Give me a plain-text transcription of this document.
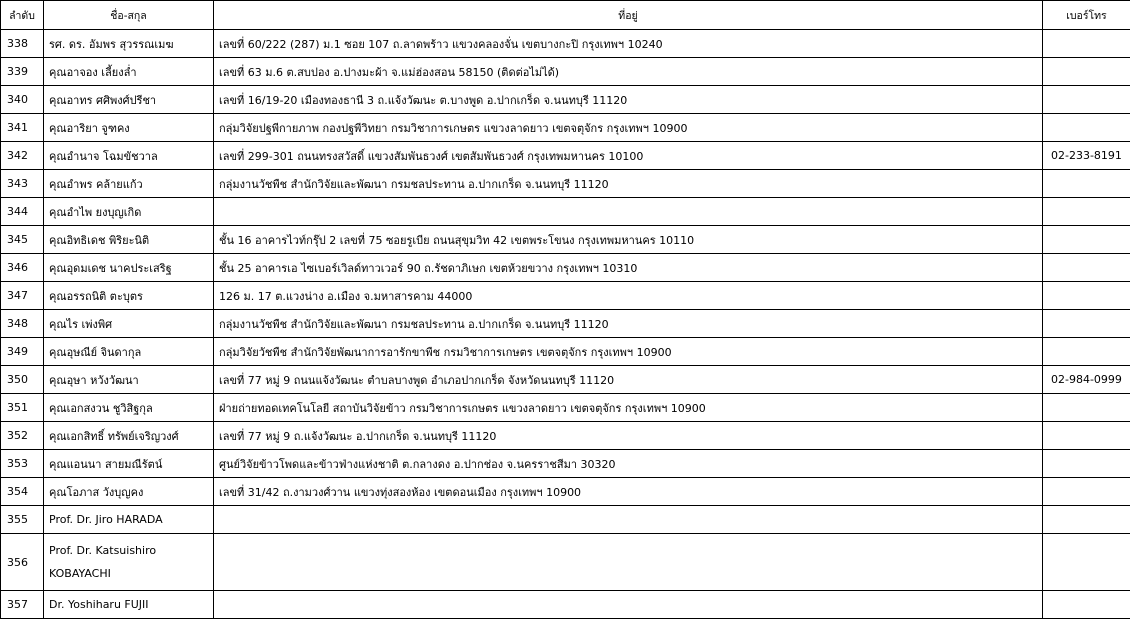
ลำดับ	ชื่อ-สกุล	ที่อยู่	เบอร์โทร
338	รศ. ดร. อัมพร สุวรรณเมฆ	เลขที่ 60/222 (287) ม.1 ซอย 107 ถ.ลาดพร้าว แขวงคลองจั่น เขตบางกะปิ กรุงเทพฯ 10240	
339	คุณอาจอง เลี้ยงล่ำ	เลขที่ 63 ม.6 ต.สบปอง อ.ปางมะผ้า จ.แม่ฮ่องสอน 58150 (ติดต่อไม่ได้)	
340	คุณอาทร ศศิพงศ์ปรีชา	เลขที่ 16/19-20 เมืองทองธานี 3 ถ.แจ้งวัฒนะ ต.บางพูด อ.ปากเกร็ด จ.นนทบุรี 11120	
341	คุณอาริยา จูฑคง	กลุ่มวิจัยปฐพีกายภาพ กองปฐพีวิทยา กรมวิชาการเกษตร แขวงลาดยาว เขตจตุจักร กรุงเทพฯ 10900	
342	คุณอำนาจ โฉมขัชวาล	เลขที่ 299-301 ถนนทรงสวัสดิ์ แขวงสัมพันธวงศ์ เขตสัมพันธวงศ์ กรุงเทพมหานคร 10100	02-233-8191
343	คุณอำพร คล้ายแก้ว	กลุ่มงานวัชพืช สำนักวิจัยและพัฒนา กรมชลประทาน อ.ปากเกร็ด จ.นนทบุรี 11120	
344	คุณอำไพ ยงบุญเกิด		
345	คุณอิทธิเดช พิริยะนิติ	ชั้น 16 อาคารไวท์กรุ๊ป 2 เลขที่ 75 ซอยรูเบีย ถนนสุขุมวิท 42 เขตพระโขนง กรุงเทพมหานคร 10110	
346	คุณอุดมเดช นาคประเสริฐ	ชั้น 25 อาคารเอ ไซเบอร์เวิลด์ทาวเวอร์ 90 ถ.รัชดาภิเษก เขตห้วยขวาง กรุงเทพฯ 10310	
347	คุณอรรถนิติ ตะบุตร	126 ม. 17 ต.แวงน่าง อ.เมือง จ.มหาสารคาม 44000	
348	คุณไร เพ่งพิศ	กลุ่มงานวัชพืช สำนักวิจัยและพัฒนา กรมชลประทาน อ.ปากเกร็ด จ.นนทบุรี 11120	
349	คุณอุษณีย์ จินดากุล	กลุ่มวิจัยวัชพืช สำนักวิจัยพัฒนาการอารักขาพืช กรมวิชาการเกษตร เขตจตุจักร กรุงเทพฯ 10900	
350	คุณอุษา หวังวัฒนา	เลขที่ 77 หมู่ 9 ถนนแจ้งวัฒนะ ตำบลบางพูด อำเภอปากเกร็ด จังหวัดนนทบุรี 11120	02-984-0999
351	คุณเอกสงวน ชูวิสิฐกุล	ฝ่ายถ่ายทอดเทคโนโลยี สถาบันวิจัยข้าว กรมวิชาการเกษตร แขวงลาดยาว เขตจตุจักร กรุงเทพฯ 10900	
352	คุณเอกสิทธิ์ ทรัพย์เจริญวงศ์	เลขที่ 77 หมู่ 9 ถ.แจ้งวัฒนะ อ.ปากเกร็ด จ.นนทบุรี 11120	
353	คุณแอนนา สายมณีรัตน์	ศูนย์วิจัยข้าวโพดและข้าวฟ่างแห่งชาติ ต.กลางดง อ.ปากช่อง จ.นครราชสีมา 30320	
354	คุณโอภาส วังบุญคง	เลขที่ 31/42 ถ.งามวงศ์วาน แขวงทุ่งสองห้อง เขตดอนเมือง กรุงเทพฯ 10900	
355	Prof. Dr. Jiro HARADA		
356	Prof. Dr. Katsuishiro KOBAYACHI		
357	Dr. Yoshiharu FUJII		
